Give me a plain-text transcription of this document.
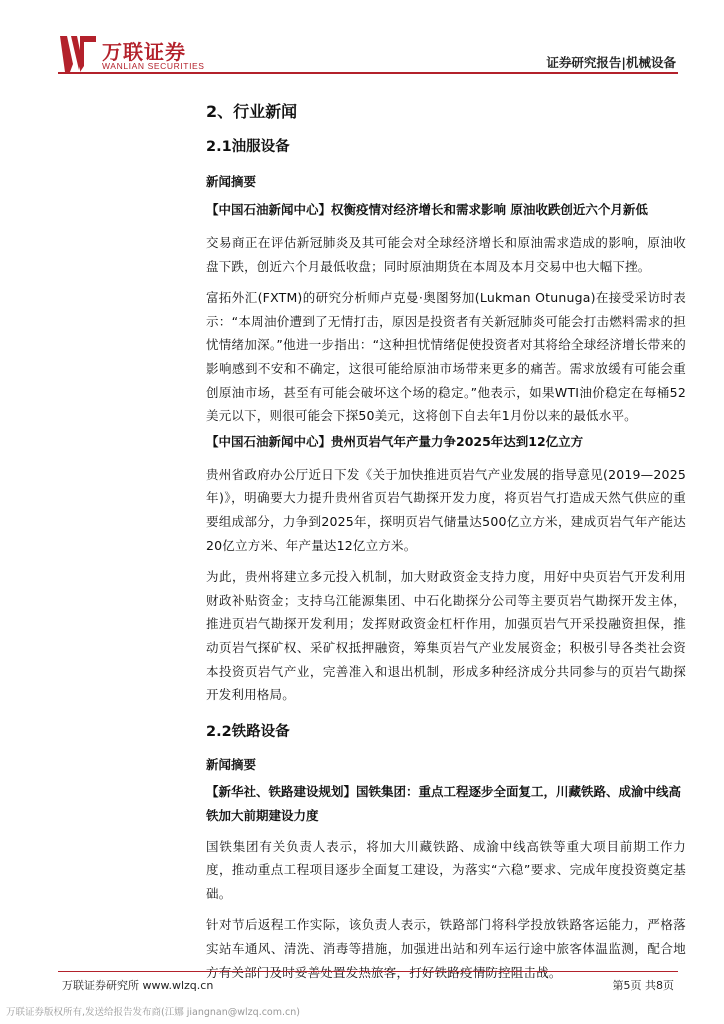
万联证券
WANLIAN SECURITIES	证券研究报告|机械设备
2、行业新闻
2.1油服设备
新闻摘要
【中国石油新闻中心】权衡疫情对经济增长和需求影响 原油收跌创近六个月新低

交易商正在评估新冠肺炎及其可能会对全球经济增长和原油需求造成的影响，原油收盘下跌，创近六个月最低收盘；同时原油期货在本周及本月交易中也大幅下挫。

富拓外汇(FXTM)的研究分析师卢克曼·奥图努加(Lukman Otunuga)在接受采访时表示：“本周油价遭到了无情打击，原因是投资者有关新冠肺炎可能会打击燃料需求的担忧情绪加深。”他进一步指出：“这种担忧情绪促使投资者对其将给全球经济增长带来的影响感到不安和不确定，这很可能给原油市场带来更多的痛苦。需求放缓有可能会重创原油市场，甚至有可能会破坏这个场的稳定。”他表示，如果WTI油价稳定在每桶52美元以下，则很可能会下探50美元，这将创下自去年1月份以来的最低水平。

【中国石油新闻中心】贵州页岩气年产量力争2025年达到12亿立方

贵州省政府办公厅近日下发《关于加快推进页岩气产业发展的指导意见(2019—2025年)》，明确要大力提升贵州省页岩气勘探开发力度，将页岩气打造成天然气供应的重要组成部分，力争到2025年，探明页岩气储量达500亿立方米，建成页岩气年产能达20亿立方米、年产量达12亿立方米。

为此，贵州将建立多元投入机制，加大财政资金支持力度，用好中央页岩气开发利用财政补贴资金；支持乌江能源集团、中石化勘探分公司等主要页岩气勘探开发主体，推进页岩气勘探开发利用；发挥财政资金杠杆作用，加强页岩气开采投融资担保，推动页岩气探矿权、采矿权抵押融资，筹集页岩气产业发展资金；积极引导各类社会资本投资页岩气产业，完善准入和退出机制，形成多种经济成分共同参与的页岩气勘探开发利用格局。

2.2铁路设备
新闻摘要
【新华社、铁路建设规划】国铁集团：重点工程逐步全面复工，川藏铁路、成渝中线高铁加大前期建设力度

国铁集团有关负责人表示，将加大川藏铁路、成渝中线高铁等重大项目前期工作力度，推动重点工程项目逐步全面复工建设，为落实“六稳”要求、完成年度投资奠定基础。

针对节后返程工作实际，该负责人表示，铁路部门将科学投放铁路客运能力，严格落实站车通风、清洗、消毒等措施，加强进出站和列车运行途中旅客体温监测，配合地方有关部门及时妥善处置发热旅客，打好铁路疫情防控阻击战。

万联证券研究所 www.wlzq.cn	第5页 共8页
万联证券版权所有,发送给报告发布商(江娜 jiangnan@wlzq.com.cn)
